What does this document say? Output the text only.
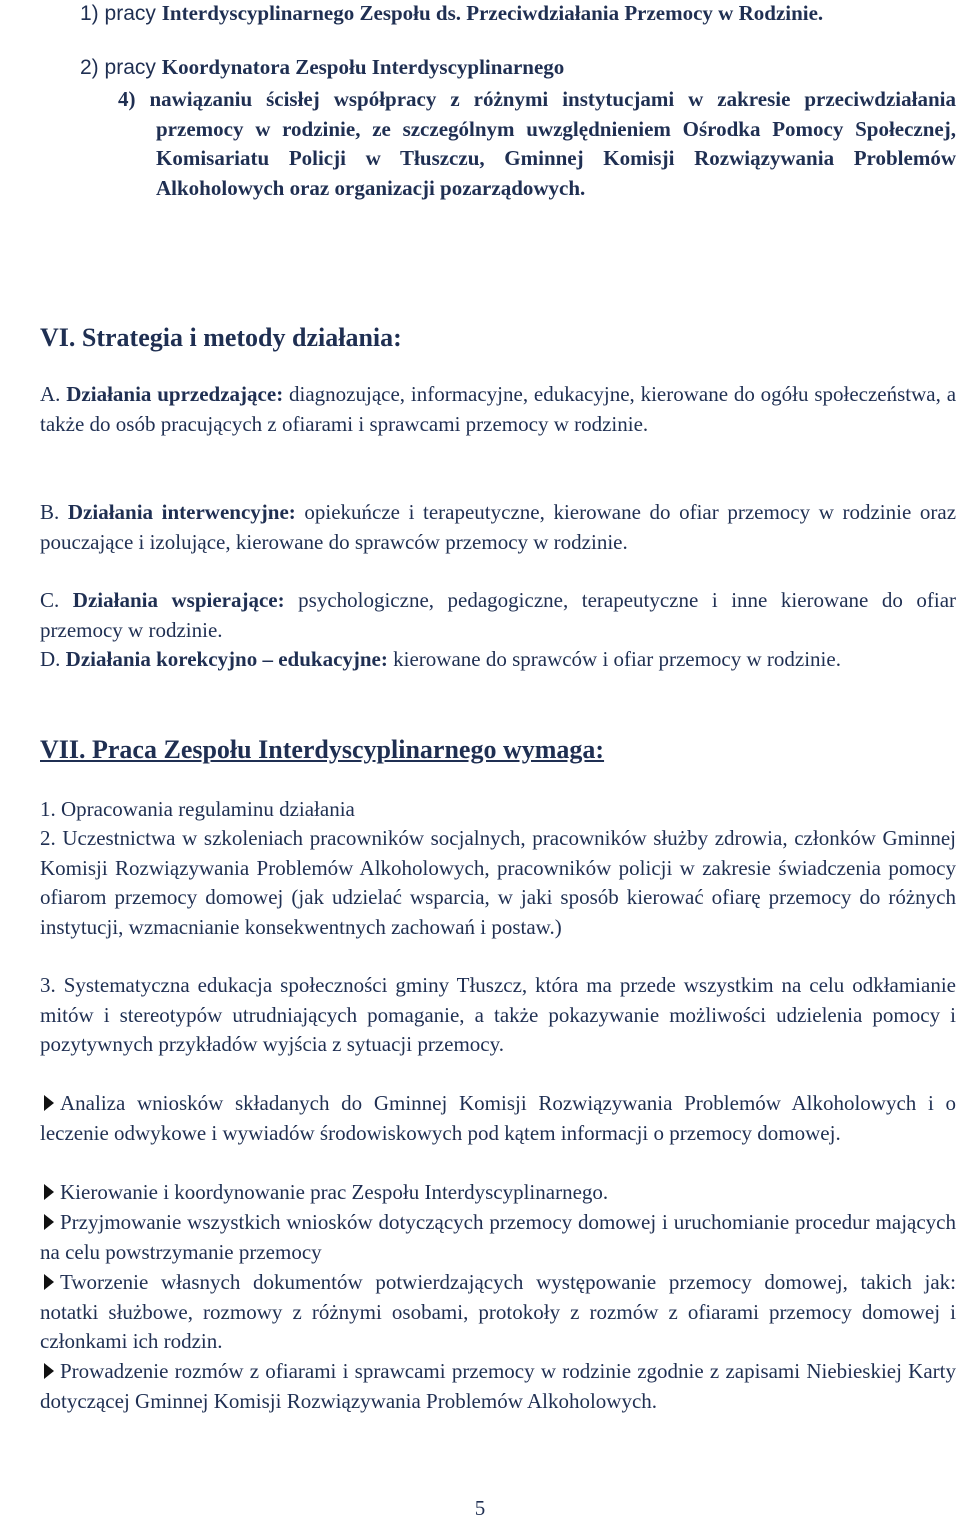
1) pracy Interdyscyplinarnego Zespołu ds. Przeciwdziałania Przemocy w Rodzinie.

2) pracy Koordynatora Zespołu Interdyscyplinarnego

4) nawiązaniu ścisłej współpracy z różnymi instytucjami w zakresie przeciwdziałania przemocy w rodzinie, ze szczególnym uwzględnieniem Ośrodka Pomocy Społecznej, Komisariatu Policji w Tłuszczu, Gminnej Komisji Rozwiązywania Problemów Alkoholowych oraz organizacji pozarządowych.

VI. Strategia i metody działania:

A. Działania uprzedzające: diagnozujące, informacyjne, edukacyjne, kierowane do ogółu społeczeństwa, a także do osób pracujących z ofiarami i sprawcami przemocy w rodzinie.

B. Działania interwencyjne: opiekuńcze i terapeutyczne, kierowane do ofiar przemocy w rodzinie oraz pouczające i izolujące, kierowane do sprawców przemocy w rodzinie.

C. Działania wspierające: psychologiczne, pedagogiczne, terapeutyczne i inne kierowane do ofiar przemocy w rodzinie.

D. Działania korekcyjno – edukacyjne: kierowane do sprawców i ofiar przemocy w rodzinie.

VII. Praca Zespołu Interdyscyplinarnego wymaga:

1. Opracowania regulaminu działania

2. Uczestnictwa w szkoleniach pracowników socjalnych, pracowników służby zdrowia, członków Gminnej Komisji Rozwiązywania Problemów Alkoholowych, pracowników policji w zakresie świadczenia pomocy ofiarom przemocy domowej (jak udzielać wsparcia, w jaki sposób kierować ofiarę przemocy do różnych instytucji, wzmacnianie konsekwentnych zachowań i postaw.)

3. Systematyczna edukacja społeczności gminy Tłuszcz, która ma przede wszystkim na celu odkłamianie mitów i stereotypów utrudniających pomaganie, a także pokazywanie możliwości udzielenia pomocy i pozytywnych przykładów wyjścia z sytuacji przemocy.

Analiza wniosków składanych do Gminnej Komisji Rozwiązywania Problemów Alkoholowych i o leczenie odwykowe i wywiadów środowiskowych pod kątem informacji o przemocy domowej.

Kierowanie i koordynowanie prac Zespołu Interdyscyplinarnego.

Przyjmowanie wszystkich wniosków dotyczących przemocy domowej i uruchomianie procedur mających na celu powstrzymanie przemocy

Tworzenie własnych dokumentów potwierdzających występowanie przemocy domowej, takich jak: notatki służbowe, rozmowy z różnymi osobami, protokoły z rozmów z ofiarami przemocy domowej i członkami ich rodzin.

Prowadzenie rozmów z ofiarami i sprawcami przemocy w rodzinie zgodnie z zapisami Niebieskiej Karty dotyczącej Gminnej Komisji Rozwiązywania Problemów Alkoholowych.

5
